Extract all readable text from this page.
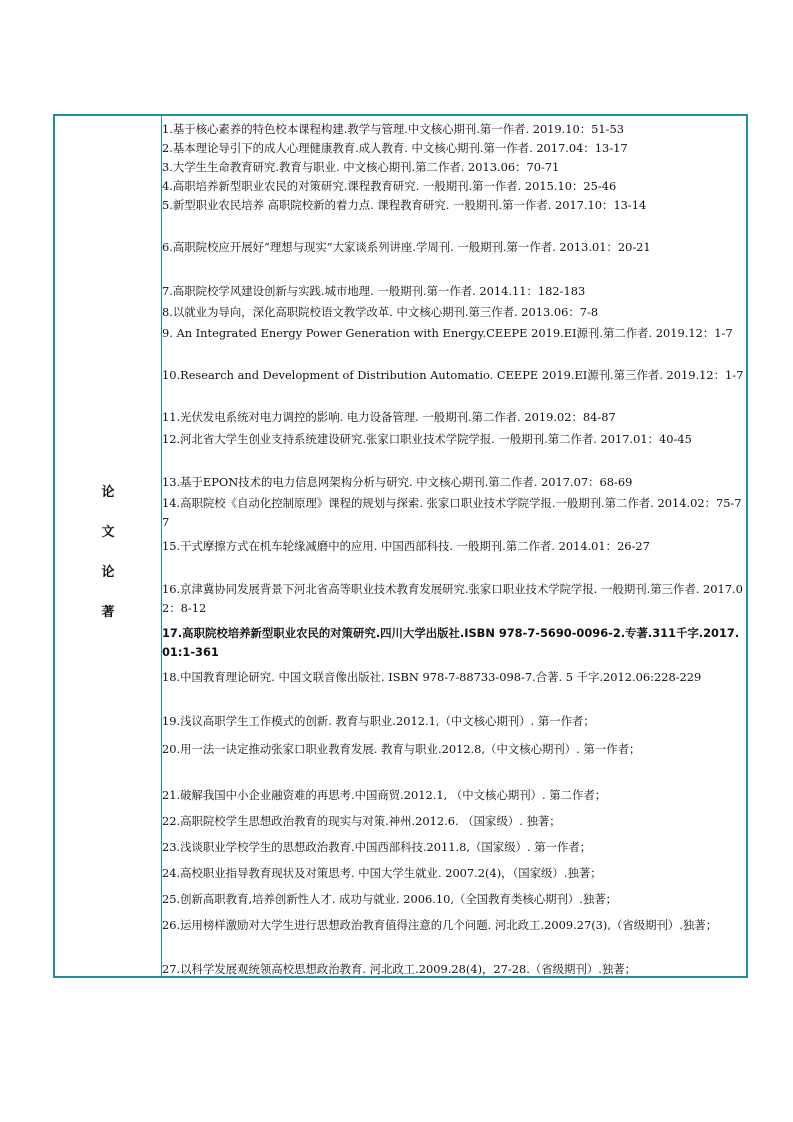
论
文
论
著
1.基于核心素养的特色校本课程构建.教学与管理.中文核心期刊.第一作者. 2019.10：51-53
2.基本理论导引下的成人心理健康教育.成人教育. 中文核心期刊.第一作者. 2017.04：13-17
3.大学生生命教育研究.教育与职业. 中文核心期刊.第二作者. 2013.06：70-71
4.高职培养新型职业农民的对策研究.课程教育研究. 一般期刊.第一作者. 2015.10：25-46
5.新型职业农民培养 高职院校新的着力点. 课程教育研究. 一般期刊.第一作者. 2017.10：13-14
6.高职院校应开展好“理想与现实”大家谈系列讲座.学周刊. 一般期刊.第一作者. 2013.01：20-21
7.高职院校学风建设创新与实践.城市地理. 一般期刊.第一作者. 2014.11：182-183
8.以就业为导向，深化高职院校语文教学改革. 中文核心期刊.第三作者. 2013.06：7-8
9. An Integrated Energy Power Generation with Energy.CEEPE 2019.EI源刊.第二作者. 2019.12：1-7
10.Research and Development of Distribution Automatio. CEEPE 2019.EI源刊.第三作者. 2019.12：1-7
11.光伏发电系统对电力调控的影响. 电力设备管理. 一般期刊.第二作者. 2019.02：84-87
12.河北省大学生创业支持系统建设研究.张家口职业技术学院学报. 一般期刊.第二作者. 2017.01：40-45
13.基于EPON技术的电力信息网架构分析与研究. 中文核心期刊.第二作者. 2017.07：68-69
14.高职院校《自动化控制原理》课程的规划与探索. 张家口职业技术学院学报.一般期刊.第二作者. 2014.02：75-77
15.干式摩擦方式在机车轮缘减磨中的应用. 中国西部科技. 一般期刊.第二作者. 2014.01：26-27
16.京津冀协同发展背景下河北省高等职业技术教育发展研究.张家口职业技术学院学报. 一般期刊.第三作者. 2017.02：8-12
17.高职院校培养新型职业农民的对策研究.四川大学出版社.ISBN 978-7-5690-0096-2.专著.311千字.2017.01:1-361
18.中国教育理论研究. 中国文联音像出版社. ISBN 978-7-88733-098-7.合著. 5 千字.2012.06:228-229
19.浅议高职学生工作模式的创新. 教育与职业.2012.1,（中文核心期刊）. 第一作者；
20.用一法一诀定推动张家口职业教育发展. 教育与职业.2012.8,（中文核心期刊）. 第一作者；
21.破解我国中小企业融资难的再思考.中国商贸.2012.1, （中文核心期刊）. 第二作者；
22.高职院校学生思想政治教育的现实与对策.神州.2012.6. （国家级）. 独著；
23.浅谈职业学校学生的思想政治教育.中国西部科技.2011.8,（国家级）. 第一作者；
24.高校职业指导教育现状及对策思考. 中国大学生就业. 2007.2(4)，（国家级）.独著；
25.创新高职教育,培养创新性人才. 成功与就业. 2006.10,（全国教育类核心期刊）.独著；
26.运用榜样激励对大学生进行思想政治教育值得注意的几个问题. 河北政工.2009.27(3),（省级期刊）.独著；
27.以科学发展观统领高校思想政治教育. 河北政工.2009.28(4)，27-28.（省级期刊）.独著；
